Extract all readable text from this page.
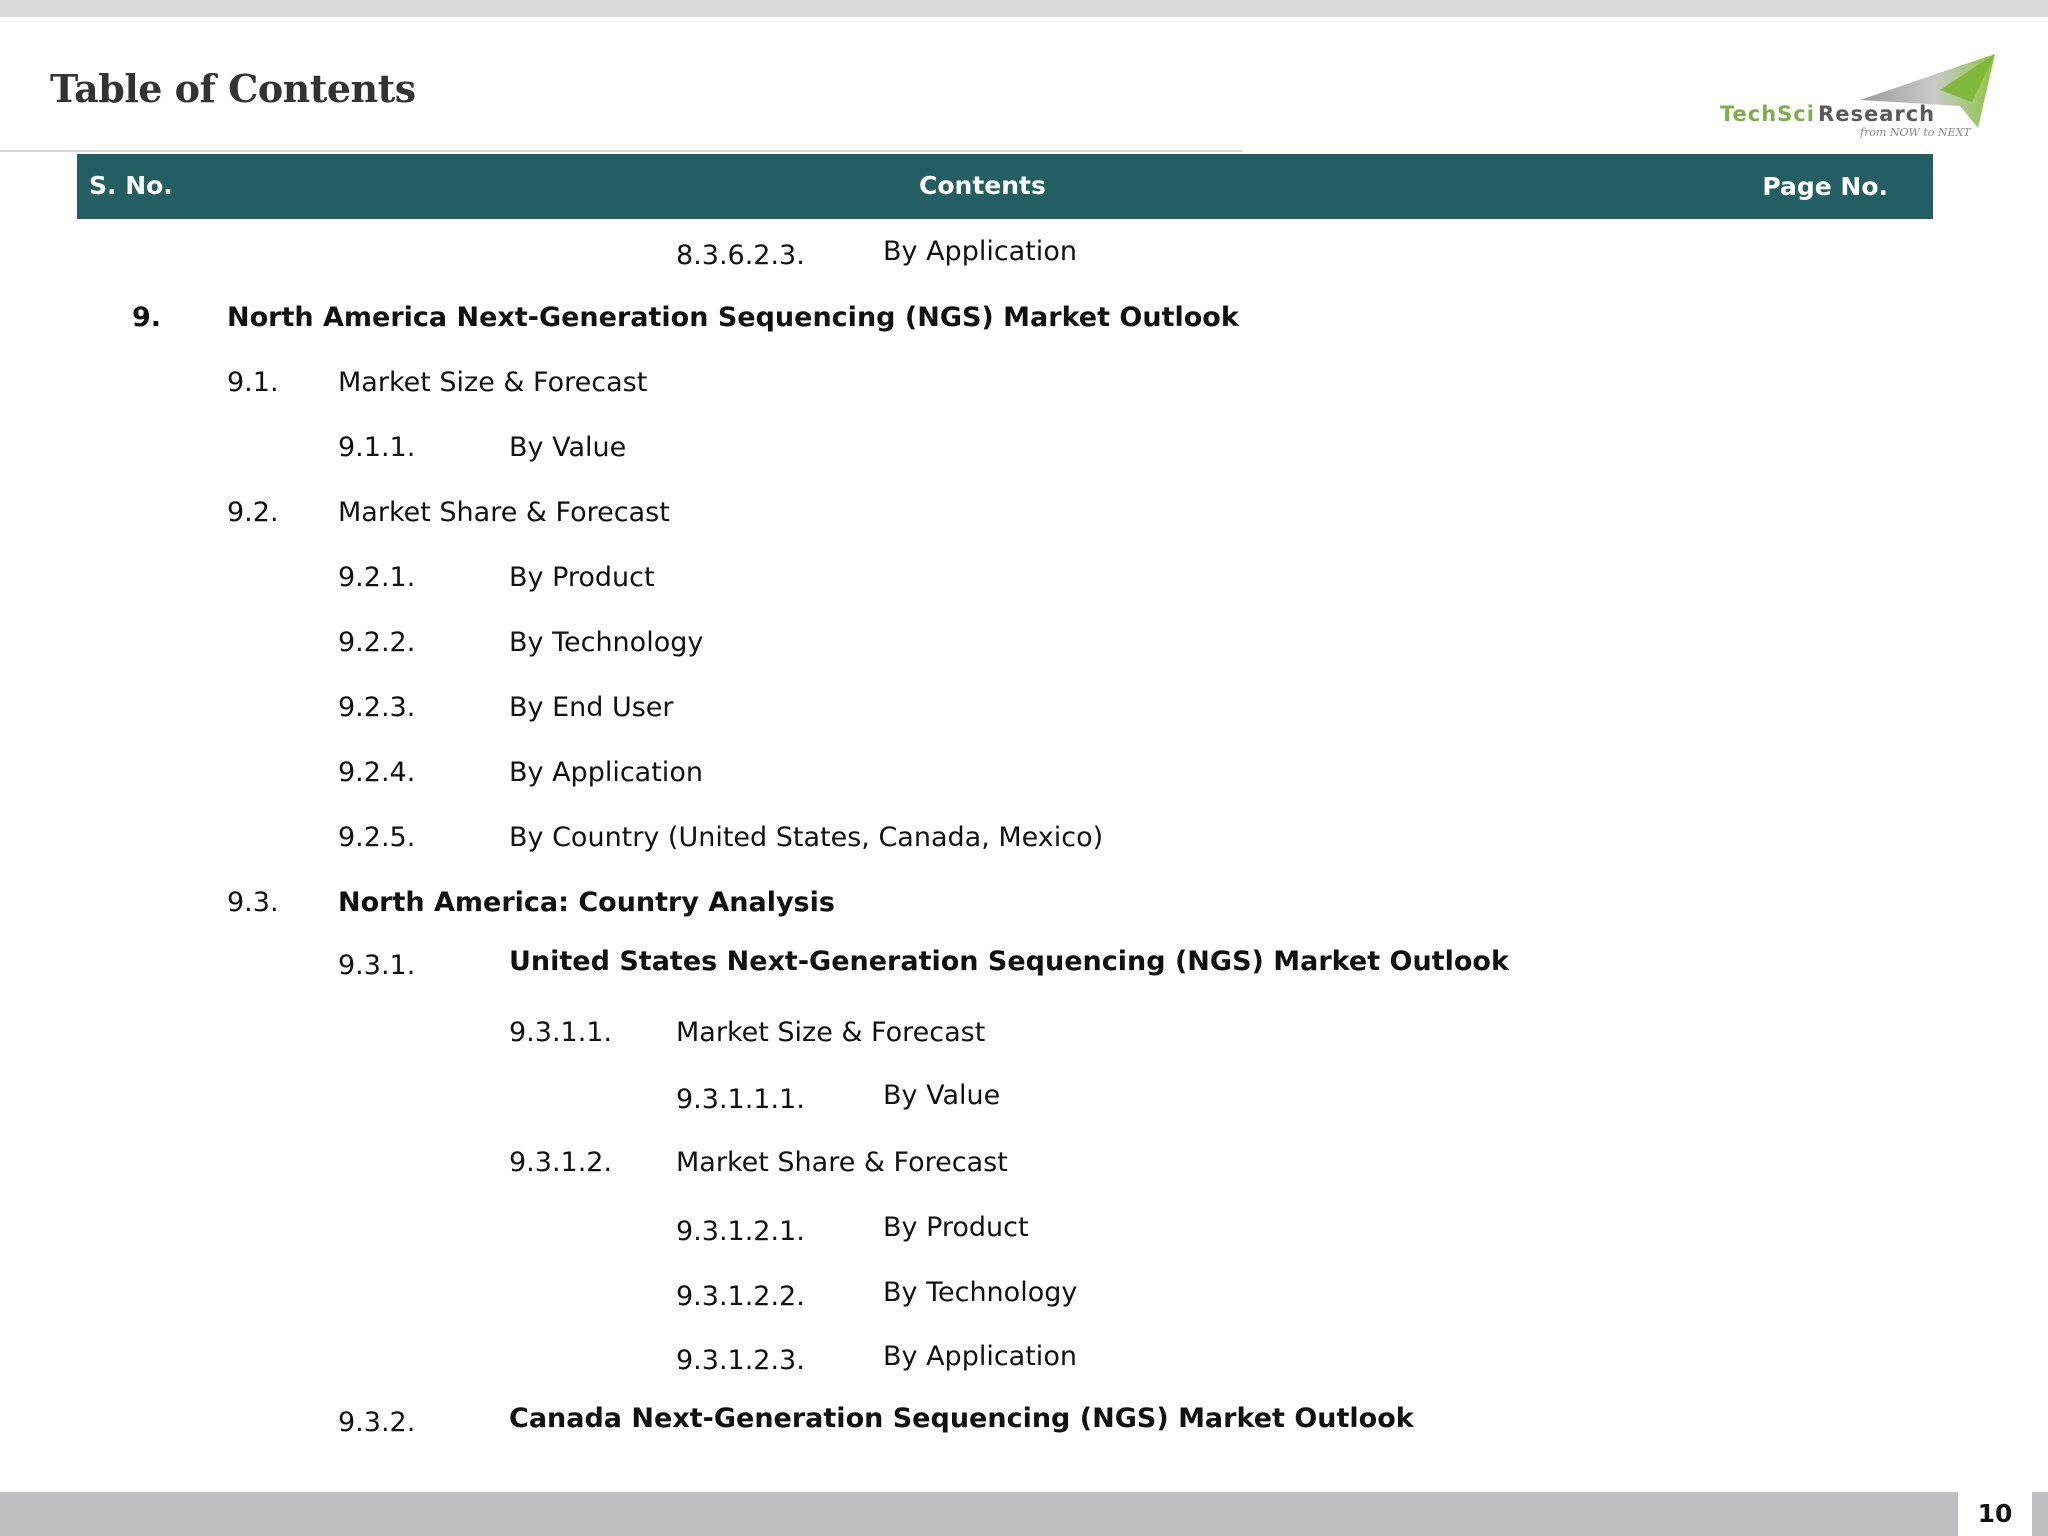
Table of Contents
TechSci  Research
from NOW to NEXT
S. No.	Contents	Page No.
8.3.6.2.3.	By Application
9. North America Next-Generation Sequencing (NGS) Market Outlook
9.1. Market Size & Forecast
9.1.1.	By Value
9.2. Market Share & Forecast
9.2.1.	By Product
9.2.2.	By Technology
9.2.3.	By End User
9.2.4.	By Application
9.2.5.	By Country (United States, Canada, Mexico)
9.3. North America: Country Analysis
9.3.1.	United States Next-Generation Sequencing (NGS) Market Outlook
9.3.1.1. Market Size & Forecast
9.3.1.1.1.	By Value
9.3.1.2. Market Share & Forecast
9.3.1.2.1.	By Product
9.3.1.2.2.	By Technology
9.3.1.2.3.	By Application
9.3.2.	Canada Next-Generation Sequencing (NGS) Market Outlook
10
